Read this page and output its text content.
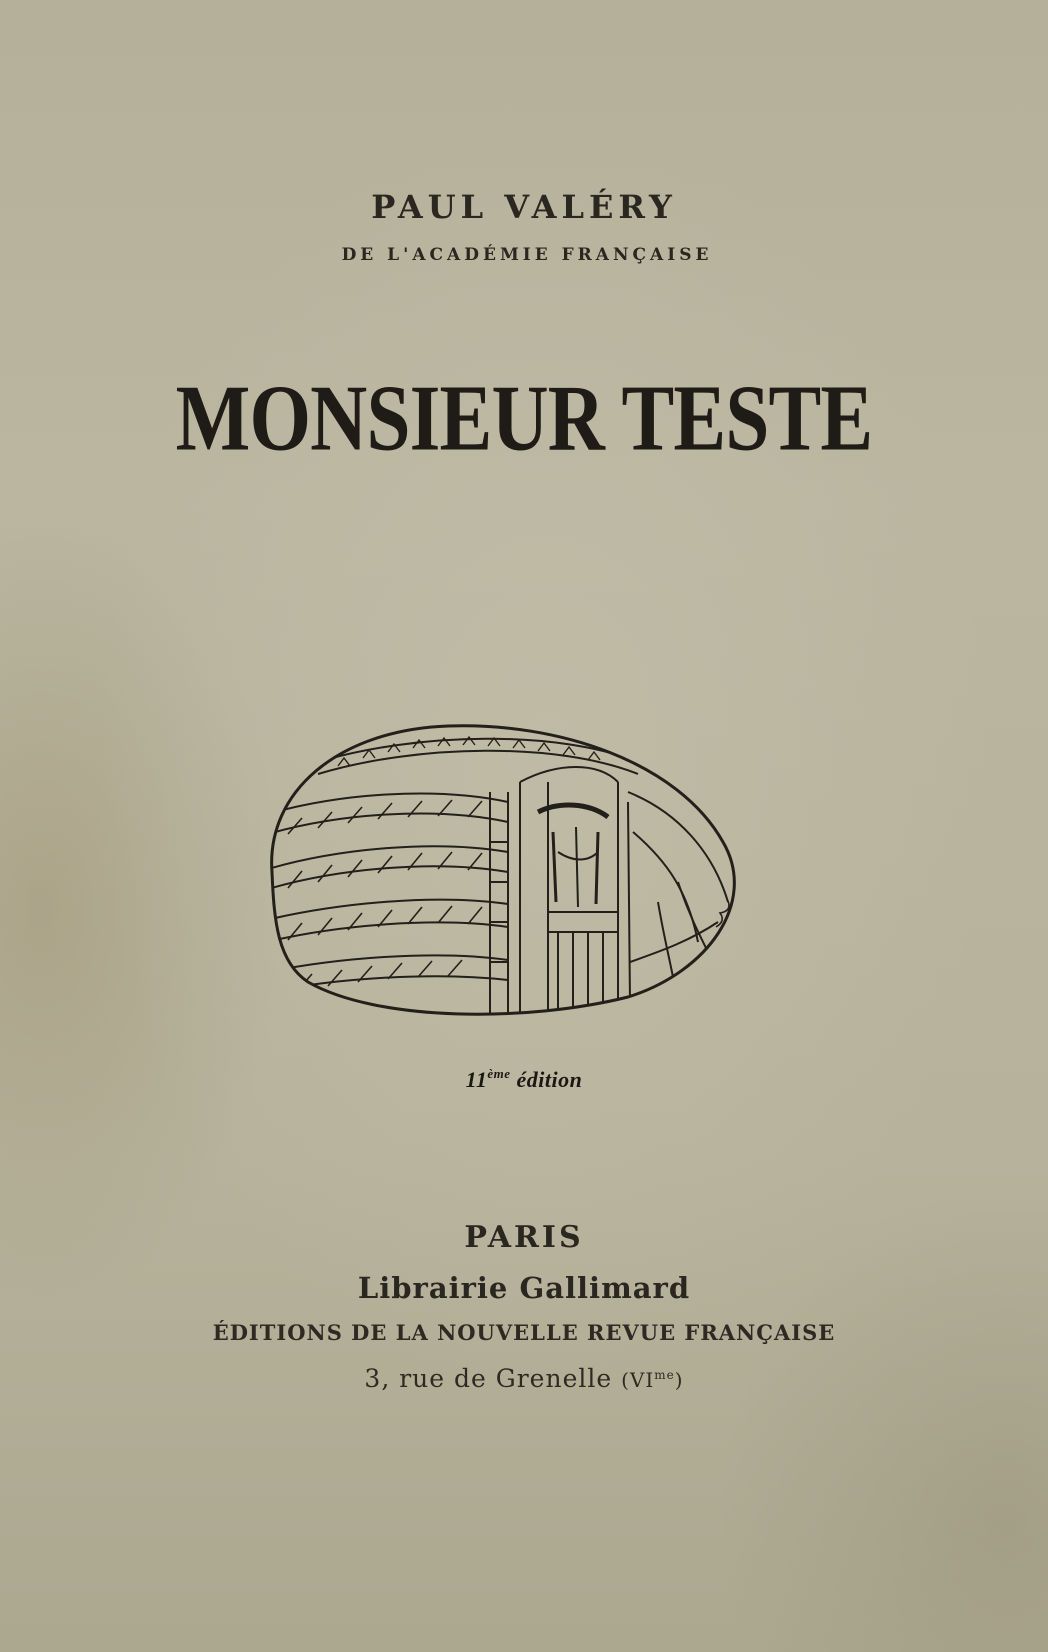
PAUL VALÉRY
DE L'ACADÉMIE FRANÇAISE
MONSIEUR TESTE
11ème édition
PARIS
Librairie Gallimard
ÉDITIONS DE LA NOUVELLE REVUE FRANÇAISE
3, rue de Grenelle $(VI^{me})$
